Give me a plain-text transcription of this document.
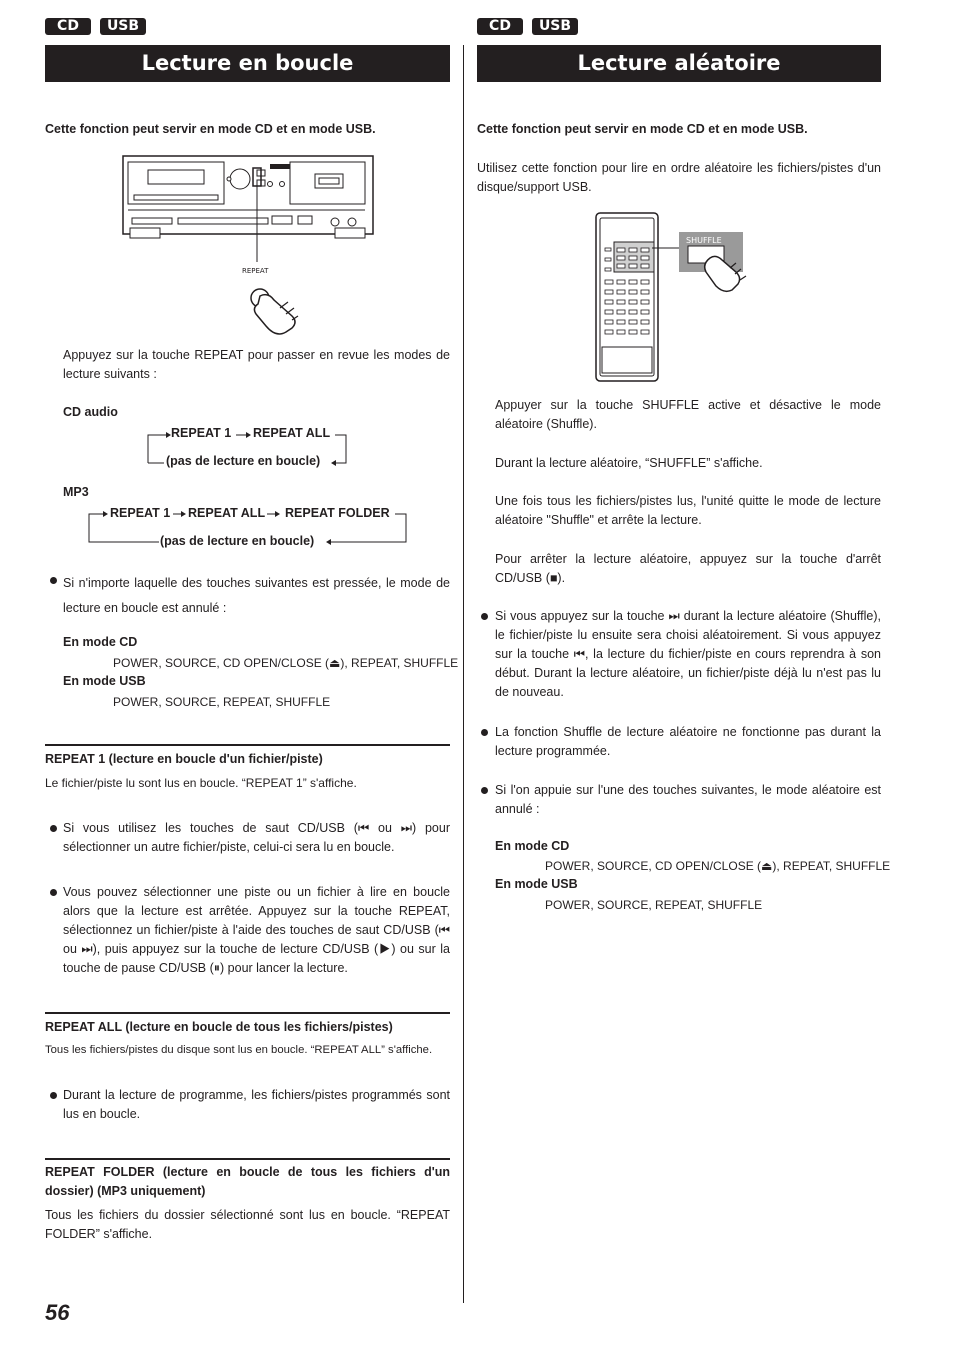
CD	USB
Lecture en boucle
Cette fonction peut servir en mode CD et en mode USB.
REPEAT
Appuyez sur la touche REPEAT pour passer en revue les modes de lecture suivants :
CD audio
REPEAT 1 REPEAT ALL
(pas de lecture en boucle)
MP3
REPEAT 1 REPEAT ALL REPEAT FOLDER
(pas de lecture en boucle)
Si n'importe laquelle des touches suivantes est pressée, le mode de lecture en boucle est annulé :
En mode CD
POWER, SOURCE, CD OPEN/CLOSE (⏏), REPEAT, SHUFFLE
En mode USB
POWER, SOURCE, REPEAT, SHUFFLE
REPEAT 1 (lecture en boucle d'un fichier/piste)
Le fichier/piste lu sont lus en boucle. “REPEAT 1” s'affiche.
Si vous utilisez les touches de saut CD/USB (⏮ ou ⏭) pour sélectionner un autre fichier/piste, celui-ci sera lu en boucle.
Vous pouvez sélectionner une piste ou un fichier à lire en boucle alors que la lecture est arrêtée. Appuyez sur la touche REPEAT, sélectionnez un fichier/piste à l'aide des touches de saut CD/USB (⏮ ou ⏭), puis appuyez sur la touche de lecture CD/USB (▶) ou sur la touche de pause CD/USB (⏸) pour lancer la lecture.
REPEAT ALL (lecture en boucle de tous les fichiers/pistes)
Tous les fichiers/pistes du disque sont lus en boucle. “REPEAT ALL” s'affiche.
Durant la lecture de programme, les fichiers/pistes programmés sont lus en boucle.
REPEAT FOLDER (lecture en boucle de tous les fichiers d'un dossier) (MP3 uniquement)
Tous les fichiers du dossier sélectionné sont lus en boucle. “REPEAT FOLDER” s'affiche.
CD	USB
Lecture aléatoire
Cette fonction peut servir en mode CD et en mode USB.
Utilisez cette fonction pour lire en ordre aléatoire les fichiers/pistes d'un disque/support USB.
SHUFFLE
Appuyer sur la touche SHUFFLE active et désactive le mode aléatoire (Shuffle).
Durant la lecture aléatoire, “SHUFFLE” s'affiche.
Une fois tous les fichiers/pistes lus, l'unité quitte le mode de lecture aléatoire "Shuffle" et arrête la lecture.
Pour arrêter la lecture aléatoire, appuyez sur la touche d'arrêt CD/USB (■).
Si vous appuyez sur la touche ⏭ durant la lecture aléatoire (Shuffle), le fichier/piste lu ensuite sera choisi aléatoirement. Si vous appuyez sur la touche ⏮, la lecture du fichier/piste en cours reprendra à son début. Durant la lecture aléatoire, un fichier/piste déjà lu n'est pas lu de nouveau.
La fonction Shuffle de lecture aléatoire ne fonctionne pas durant la lecture programmée.
Si l'on appuie sur l'une des touches suivantes, le mode aléatoire est annulé :
En mode CD
POWER, SOURCE, CD OPEN/CLOSE (⏏), REPEAT, SHUFFLE
En mode USB
POWER, SOURCE, REPEAT, SHUFFLE
56
